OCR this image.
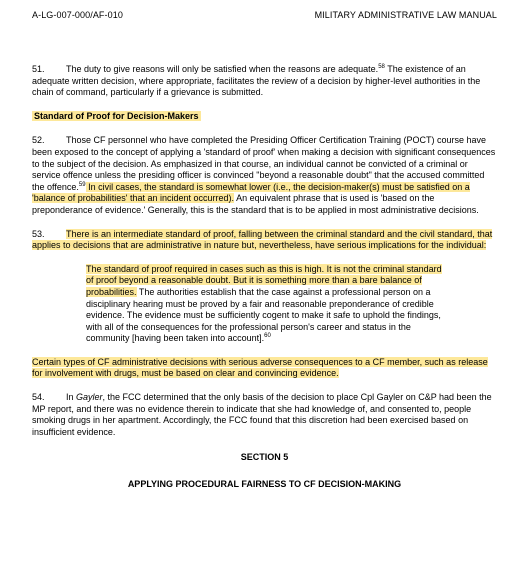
A-LG-007-000/AF-010	MILITARY ADMINISTRATIVE LAW MANUAL

51. The duty to give reasons will only be satisfied when the reasons are adequate.$^{58}$ The existence of an adequate written decision, where appropriate, facilitates the review of a decision by higher-level authorities in the chain of command, particularly if a grievance is submitted.

Standard of Proof for Decision-Makers

52. Those CF personnel who have completed the Presiding Officer Certification Training (POCT) course have been exposed to the concept of applying a 'standard of proof' when making a decision with significant consequences to the subject of the decision. As emphasized in that course, an individual cannot be convicted of a criminal or service offence unless the presiding officer is convinced "beyond a reasonable doubt" that the accused committed the offence.$^{59}$ In civil cases, the standard is somewhat lower (i.e., the decision-maker(s) must be satisfied on a 'balance of probabilities' that an incident occurred). An equivalent phrase that is used is 'based on the preponderance of evidence.' Generally, this is the standard that is to be applied in most administrative decisions.

53. There is an intermediate standard of proof, falling between the criminal standard and the civil standard, that applies to decisions that are administrative in nature but, nevertheless, have serious implications for the individual:

The standard of proof required in cases such as this is high. It is not the criminal standard of proof beyond a reasonable doubt. But it is something more than a bare balance of probabilities. The authorities establish that the case against a professional person on a disciplinary hearing must be proved by a fair and reasonable preponderance of credible evidence. The evidence must be sufficiently cogent to make it safe to uphold the findings, with all of the consequences for the professional person's career and status in the community [having been taken into account].$^{60}$

Certain types of CF administrative decisions with serious adverse consequences to a CF member, such as release for involvement with drugs, must be based on clear and convincing evidence.

54. In Gayler, the FCC determined that the only basis of the decision to place Cpl Gayler on C&P had been the MP report, and there was no evidence therein to indicate that she had knowledge of, and consented to, people smoking drugs in her apartment. Accordingly, the FCC found that this discretion had been exercised based on insufficient evidence.

SECTION 5
APPLYING PROCEDURAL FAIRNESS TO CF DECISION-MAKING
